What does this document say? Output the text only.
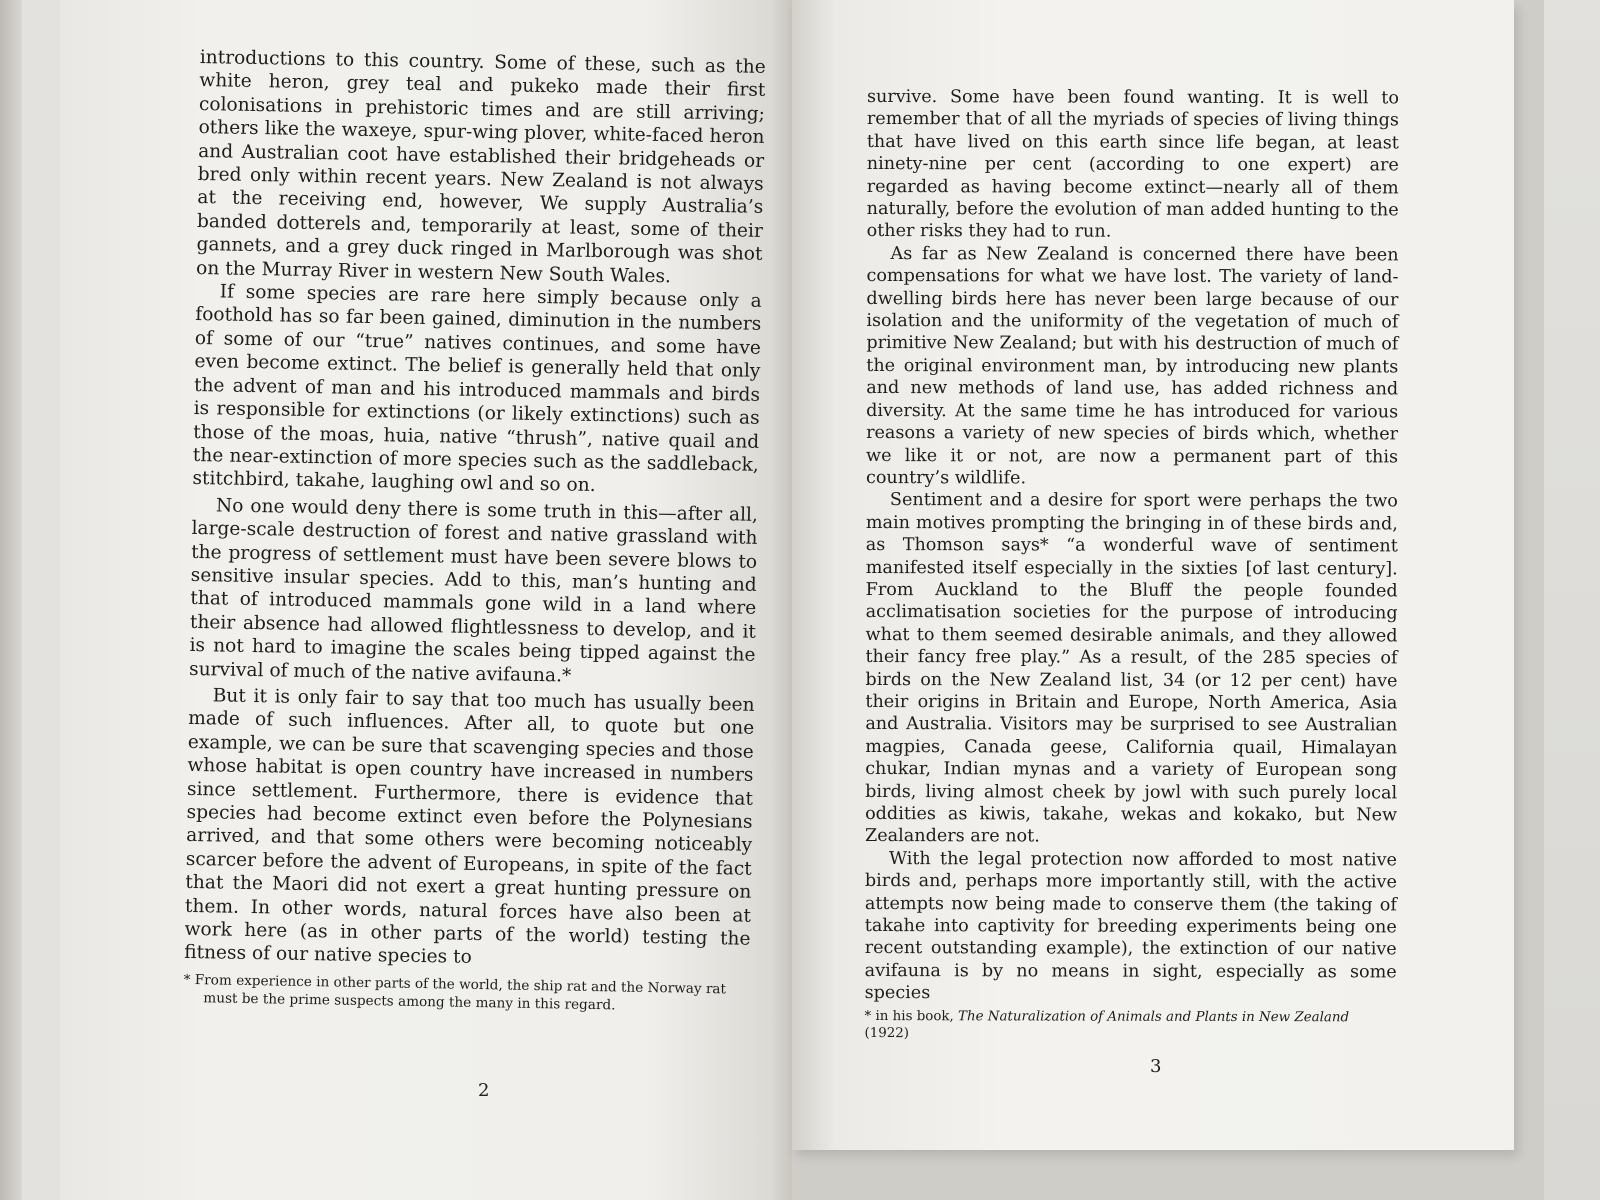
introductions to this country. Some of these, such as the white heron, grey teal and pukeko made their first colonisations in prehistoric times and are still arriving; others like the waxeye, spur-wing plover, white-faced heron and Australian coot have established their bridgeheads or bred only within recent years. New Zealand is not always at the receiving end, however, We supply Australia’s banded dotterels and, temporarily at least, some of their gannets, and a grey duck ringed in Marlborough was shot on the Murray River in western New South Wales.

If some species are rare here simply because only a foothold has so far been gained, diminution in the numbers of some of our “true” natives continues, and some have even become extinct. The belief is generally held that only the advent of man and his introduced mammals and birds is responsible for extinctions (or likely extinctions) such as those of the moas, huia, native “thrush”, native quail and the near-extinction of more species such as the saddleback, stitchbird, takahe, laughing owl and so on.

No one would deny there is some truth in this—after all, large-scale destruction of forest and native grassland with the progress of settlement must have been severe blows to sensitive insular species. Add to this, man’s hunting and that of introduced mammals gone wild in a land where their absence had allowed flightlessness to develop, and it is not hard to imagine the scales being tipped against the survival of much of the native avifauna.*

But it is only fair to say that too much has usually been made of such influences. After all, to quote but one example, we can be sure that scavenging species and those whose habitat is open country have increased in numbers since settlement. Furthermore, there is evidence that species had become extinct even before the Polynesians arrived, and that some others were becoming noticeably scarcer before the advent of Europeans, in spite of the fact that the Maori did not exert a great hunting pressure on them. In other words, natural forces have also been at work here (as in other parts of the world) testing the fitness of our native species to

* From experience in other parts of the world, the ship rat and the Norway rat must be the prime suspects among the many in this regard.

2

survive. Some have been found wanting. It is well to remember that of all the myriads of species of living things that have lived on this earth since life began, at least ninety-nine per cent (according to one expert) are regarded as having become extinct—nearly all of them naturally, before the evolution of man added hunting to the other risks they had to run.

As far as New Zealand is concerned there have been compensations for what we have lost. The variety of land-dwelling birds here has never been large because of our isolation and the uniformity of the vegetation of much of primitive New Zealand; but with his destruction of much of the original environment man, by introducing new plants and new methods of land use, has added richness and diversity. At the same time he has introduced for various reasons a variety of new species of birds which, whether we like it or not, are now a permanent part of this country’s wildlife.

Sentiment and a desire for sport were perhaps the two main motives prompting the bringing in of these birds and, as Thomson says* “a wonderful wave of sentiment manifested itself especially in the sixties [of last century]. From Auckland to the Bluff the people founded acclimatisation societies for the purpose of introducing what to them seemed desirable animals, and they allowed their fancy free play.” As a result, of the 285 species of birds on the New Zealand list, 34 (or 12 per cent) have their origins in Britain and Europe, North America, Asia and Australia. Visitors may be surprised to see Australian magpies, Canada geese, California quail, Himalayan chukar, Indian mynas and a variety of European song birds, living almost cheek by jowl with such purely local oddities as kiwis, takahe, wekas and kokako, but New Zealanders are not.

With the legal protection now afforded to most native birds and, perhaps more importantly still, with the active attempts now being made to conserve them (the taking of takahe into captivity for breeding experiments being one recent outstanding example), the extinction of our native avifauna is by no means in sight, especially as some species

* in his book, The Naturalization of Animals and Plants in New Zealand (1922)

3
